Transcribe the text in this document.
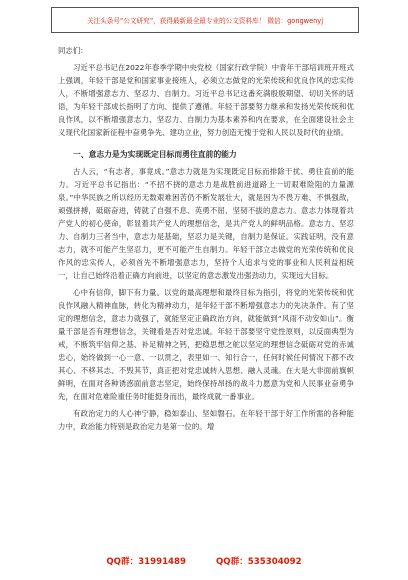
关注头条号“公文研究”，获得最新最全最专业的公文资料库！ 微信：gongwenyj

同志们：

习近平总书记在2022年春季学期中央党校（国家行政学院）中青年干部培训班开班式上强调，年轻干部是党和国家事业接班人，必须立志做党的光荣传统和优良作风的忠实传人，不断增强意志力、坚忍力、自制力。习近平总书记这番充满殷殷期望、切切关怀的话语，为年轻干部成长指明了方向、提供了遵循。年轻干部要努力继承和发扬光荣传统和优良作风，以不断增强意志力、坚忍力、自制力为基本素养和内在要求，在全面建设社会主义现代化国家新征程中奋勇争先、建功立业，努力创造无愧于党和人民以及时代的业绩。

一、意志力是为实现既定目标而勇往直前的能力

古人云，“有志者，事竟成。”意志力就是为实现既定目标而排除干扰、勇往直前的能力。习近平总书记指出：“不招不挠的意志力是战胜前进道路上一切艰难险阻的力量源泉。”中华民族之所以经历无数艰难困苦仍不断发展壮大，就是因为不畏万难、不惧强敌，顽强拼搏，砥砺奋进，铸就了自强不息、英勇不屈、坚韧不拔的意志力。意志力体现着共产党人的初心使命，彰显着共产党人的理想信念，是共产党人的鲜明品格。意志力、坚忍力、自制力三者当中，意志力是基础，坚忍力是关键，自制力是保证。实践证明，没有意志力，就不可能产生坚忍力，更不可能产生自制力。年轻干部立志做党的光荣传统和优良作风的忠实传人，必须首先不断增强意志力，坚持个人追求与党的事业和人民利益相统一，让自己始终沿着正确方向前进，以坚定的意志激发出强劲动力，实现远大目标。

心中有信仰，脚下有力量。以党的最高理想和最终目标为指引，将党的光荣传统和优良作风融入精神血脉，转化为精神动力，是年轻干部不断增强意志力的先决条件。有了坚定的理想信念，意志力就强了，就能坚定正确政治方向，就能做到“风雨不动安如山”。衡量干部是否有理想信念，关键看是否对党忠诚。年轻干部要坚守党性原则，以反面典型为戒，不断筑牢信仰之基、补足精神之钙，把稳思想之舵以坚定的理想信念砥砺对党的赤诚忠心，始终做到一心一意、一以贯之，表里如一、知行合一，任何时候任何情况下都不改其心、不移其志、不毁其节，真正把对党忠诚转入思想、融入灵魂。在大是大非面前旗帜鲜明，在面对各种诱惑面前意志坚定，始终保持昂扬的战斗力愿意为党和人民事业奋勇争先，在面对危难险重任务时能挺身而出，最终成就一番事业。

有政治定力的人心神宁静，稳如泰山、坚如磐石。在年轻干部于好工作所需的各种能力中，政治能力特别是政治定力是第一位的。增

QQ群：31991489	QQ群：535304092
